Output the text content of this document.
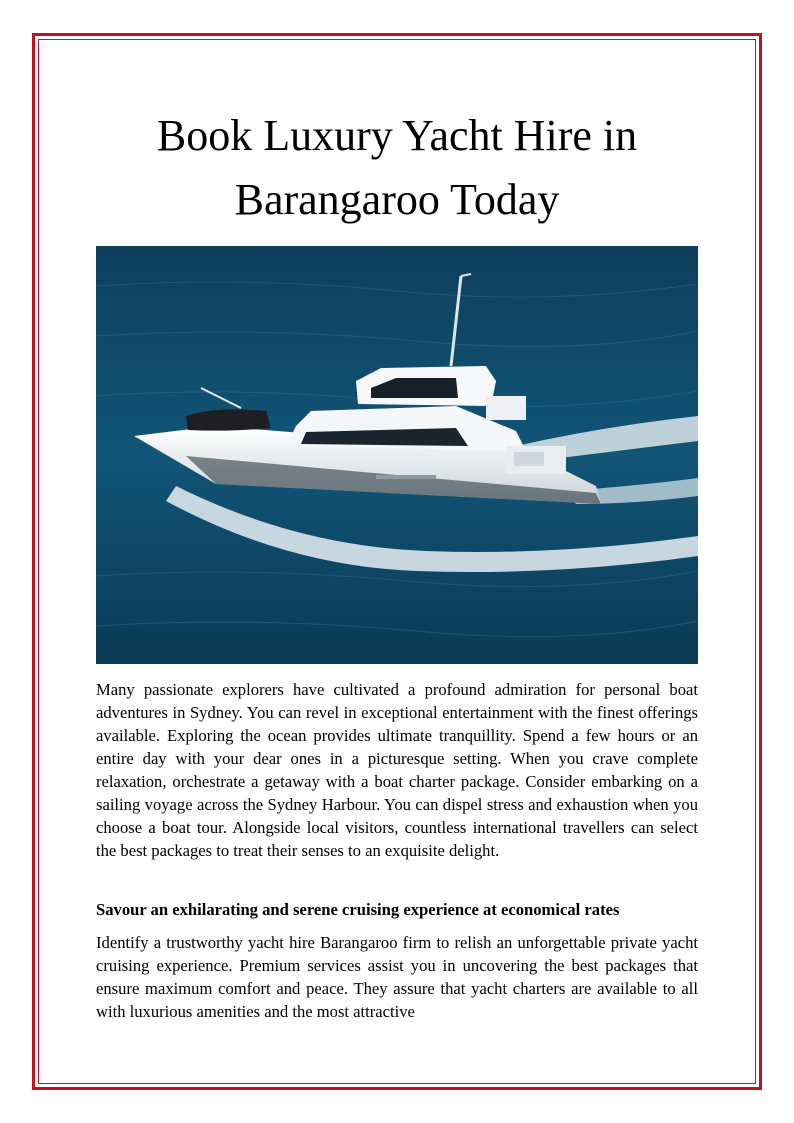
Book Luxury Yacht Hire in Barangaroo Today

Many passionate explorers have cultivated a profound admiration for personal boat adventures in Sydney. You can revel in exceptional entertainment with the finest offerings available. Exploring the ocean provides ultimate tranquillity. Spend a few hours or an entire day with your dear ones in a picturesque setting. When you crave complete relaxation, orchestrate a getaway with a boat charter package. Consider embarking on a sailing voyage across the Sydney Harbour. You can dispel stress and exhaustion when you choose a boat tour. Alongside local visitors, countless international travellers can select the best packages to treat their senses to an exquisite delight.

Savour an exhilarating and serene cruising experience at economical rates

Identify a trustworthy yacht hire Barangaroo firm to relish an unforgettable private yacht cruising experience. Premium services assist you in uncovering the best packages that ensure maximum comfort and peace. They assure that yacht charters are available to all with luxurious amenities and the most attractive
